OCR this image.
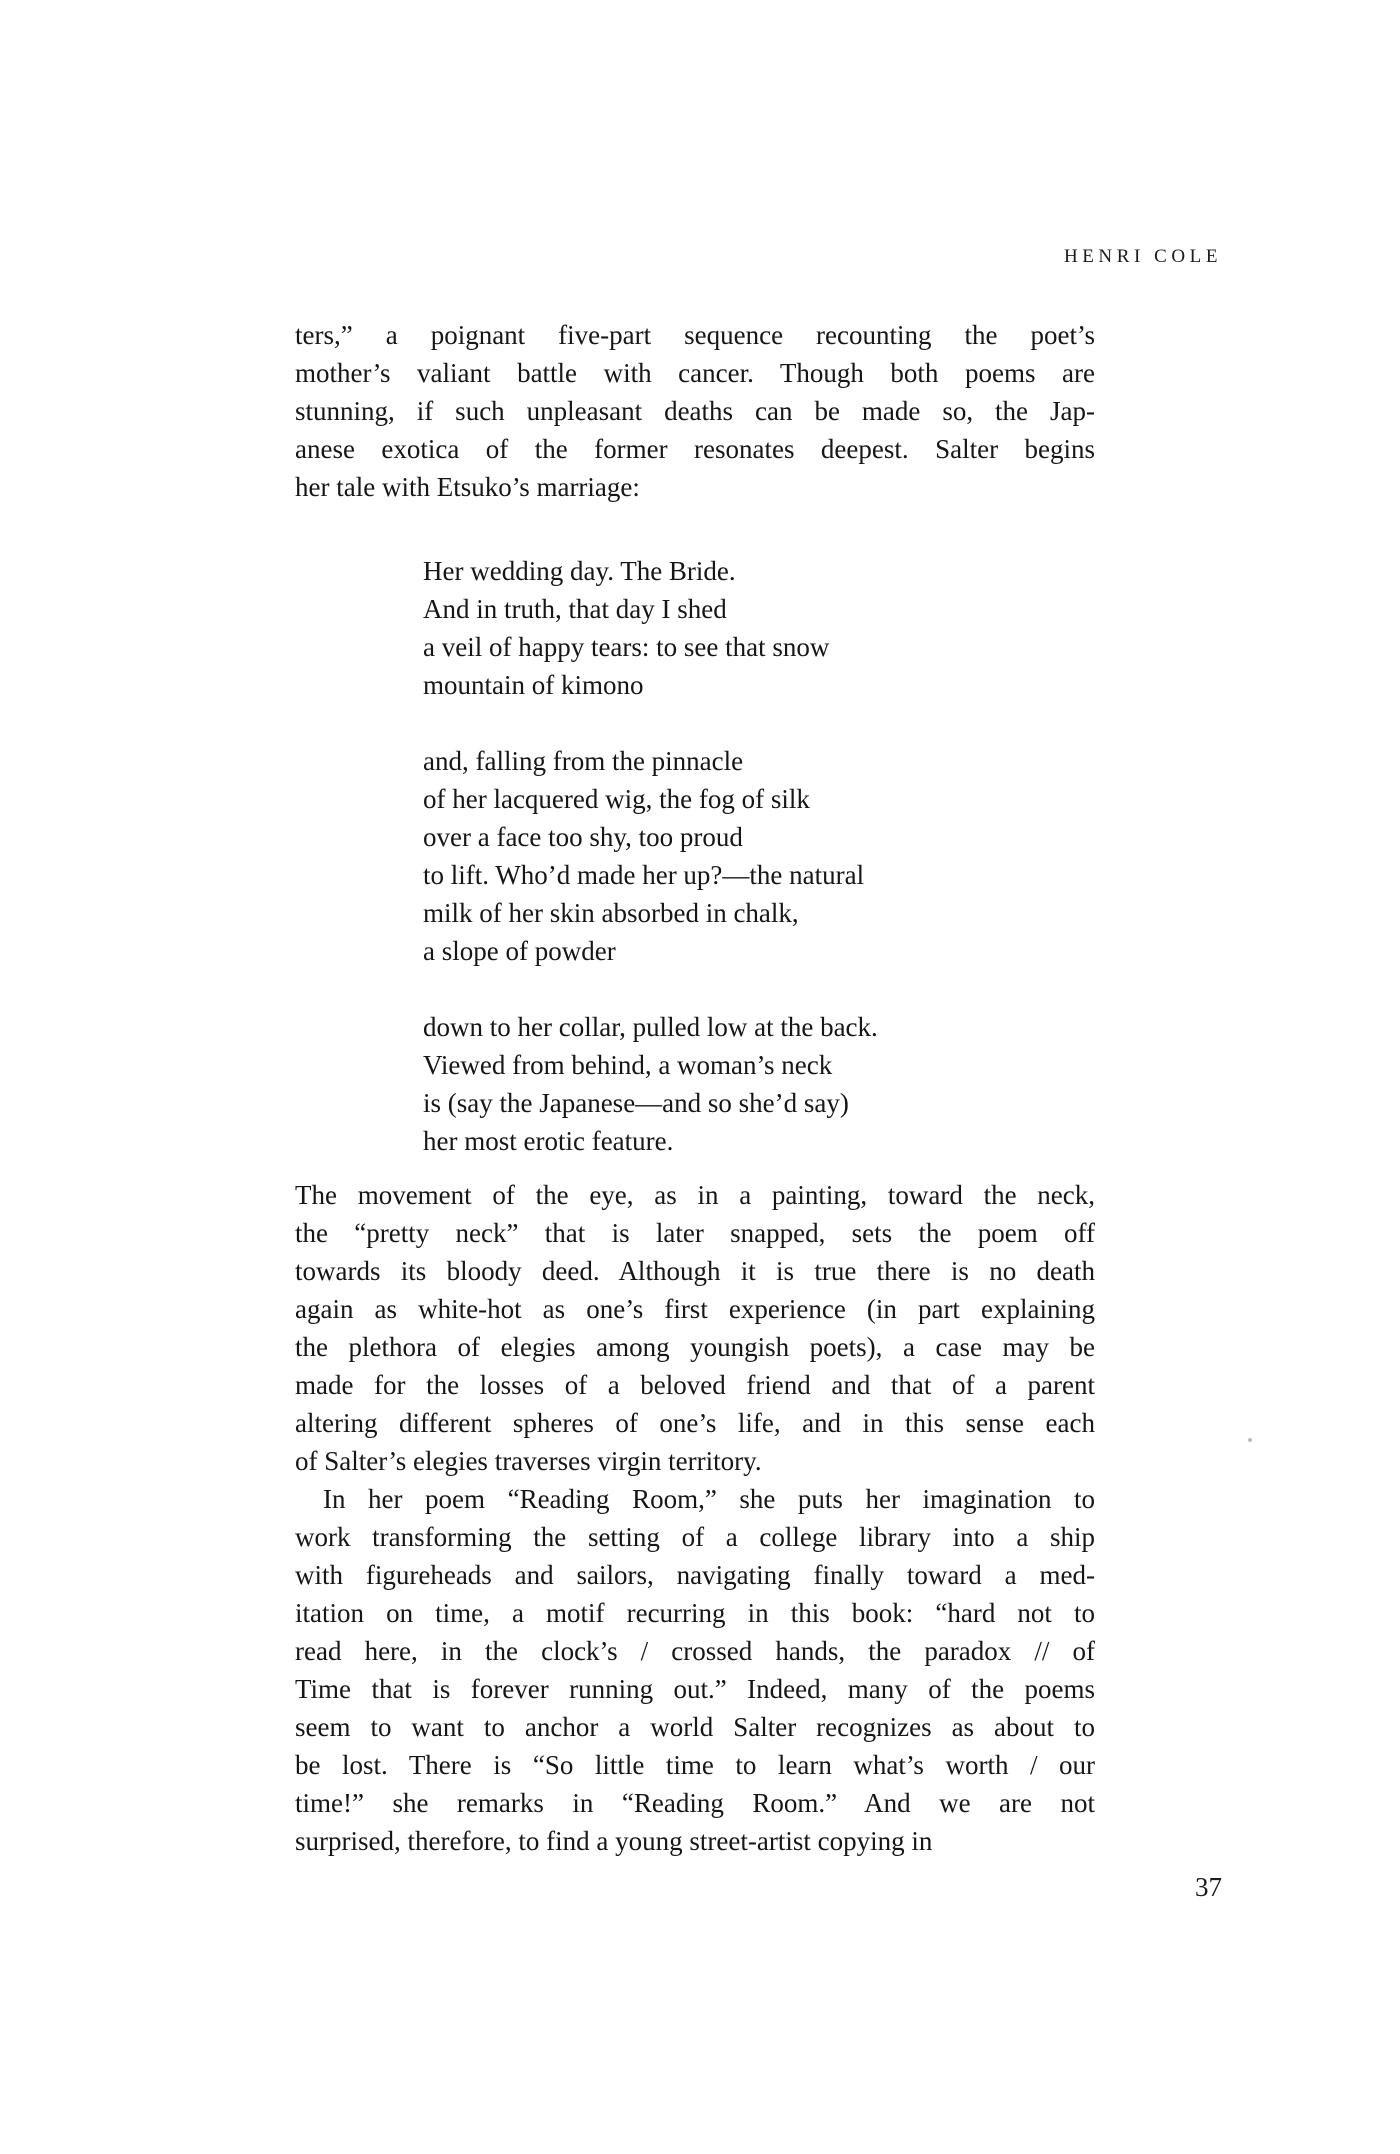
HENRI COLE
ters,” a poignant five-part sequence recounting the poet’s
mother’s valiant battle with cancer. Though both poems are
stunning, if such unpleasant deaths can be made so, the Jap-
anese exotica of the former resonates deepest. Salter begins
her tale with Etsuko’s marriage:
Her wedding day. The Bride.
And in truth, that day I shed
a veil of happy tears: to see that snow
mountain of kimono
and, falling from the pinnacle
of her lacquered wig, the fog of silk
over a face too shy, too proud
to lift. Who’d made her up?—the natural
milk of her skin absorbed in chalk,
a slope of powder
down to her collar, pulled low at the back.
Viewed from behind, a woman’s neck
is (say the Japanese—and so she’d say)
her most erotic feature.
The movement of the eye, as in a painting, toward the neck,
the “pretty neck” that is later snapped, sets the poem off
towards its bloody deed. Although it is true there is no death
again as white-hot as one’s first experience (in part explaining
the plethora of elegies among youngish poets), a case may be
made for the losses of a beloved friend and that of a parent
altering different spheres of one’s life, and in this sense each
of Salter’s elegies traverses virgin territory.
In her poem “Reading Room,” she puts her imagination to
work transforming the setting of a college library into a ship
with figureheads and sailors, navigating finally toward a med-
itation on time, a motif recurring in this book: “hard not to
read here, in the clock’s / crossed hands, the paradox // of
Time that is forever running out.” Indeed, many of the poems
seem to want to anchor a world Salter recognizes as about to
be lost. There is “So little time to learn what’s worth / our
time!” she remarks in “Reading Room.” And we are not
surprised, therefore, to find a young street-artist copying in
37
